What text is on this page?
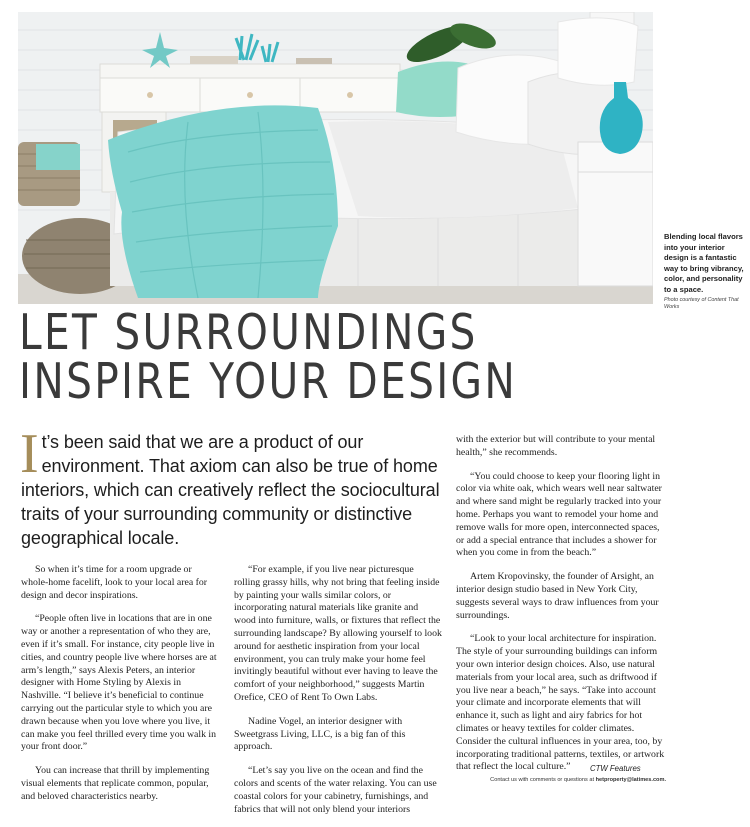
Blending local flavors into your interior design is a fantastic way to bring vibrancy, color, and personality to a space.
Photo courtesy of Content That Works
LET SURROUNDINGS
INSPIRE YOUR DESIGN
It’s been said that we are a product of our environment. That axiom can also be true of home interiors, which can creatively reflect the sociocultural traits of your surrounding community or distinctive geographical locale.

So when it’s time for a room upgrade or whole-home facelift, look to your local area for design and decor inspirations.

“People often live in locations that are in one way or another a representation of who they are, even if it’s small. For instance, city people live in cities, and country people live where horses are at arm’s length,” says Alexis Peters, an interior designer with Home Styling by Alexis in Nashville. “I believe it’s beneficial to continue carrying out the particular style to which you are drawn because when you love where you live, it can make you feel thrilled every time you walk in your front door.”

You can increase that thrill by implementing visual elements that replicate common, popular, and beloved characteristics nearby.

“For example, if you live near picturesque rolling grassy hills, why not bring that feeling inside by painting your walls similar colors, or incorporating natural materials like granite and wood into furniture, walls, or fixtures that reflect the surrounding landscape? By allowing yourself to look around for aesthetic inspiration from your local environment, you can truly make your home feel invitingly beautiful without ever having to leave the comfort of your neighborhood,” suggests Martin Orefice, CEO of Rent To Own Labs.

Nadine Vogel, an interior designer with Sweetgrass Living, LLC, is a big fan of this approach.

“Let’s say you live on the ocean and find the colors and scents of the water relaxing. You can use coastal colors for your cabinetry, furnishings, and fabrics that will not only blend your interiors

with the exterior but will contribute to your mental health,” she recommends.

“You could choose to keep your flooring light in color via white oak, which wears well near saltwater and where sand might be regularly tracked into your home. Perhaps you want to remodel your home and remove walls for more open, interconnected spaces, or add a special entrance that includes a shower for when you come in from the beach.”

Artem Kropovinsky, the founder of Arsight, an interior design studio based in New York City, suggests several ways to draw influences from your surroundings.

“Look to your local architecture for inspiration. The style of your surrounding buildings can inform your own interior design choices. Also, use natural materials from your local area, such as driftwood if you live near a beach,” he says. “Take into account your climate and incorporate elements that will enhance it, such as light and airy fabrics for hot climates or heavy textiles for colder climates. Consider the cultural influences in your area, too, by incorporating traditional patterns, textiles, or artwork that reflect the local culture.”	CTW Features
Contact us with comments or questions at hetproperty@latimes.com.
